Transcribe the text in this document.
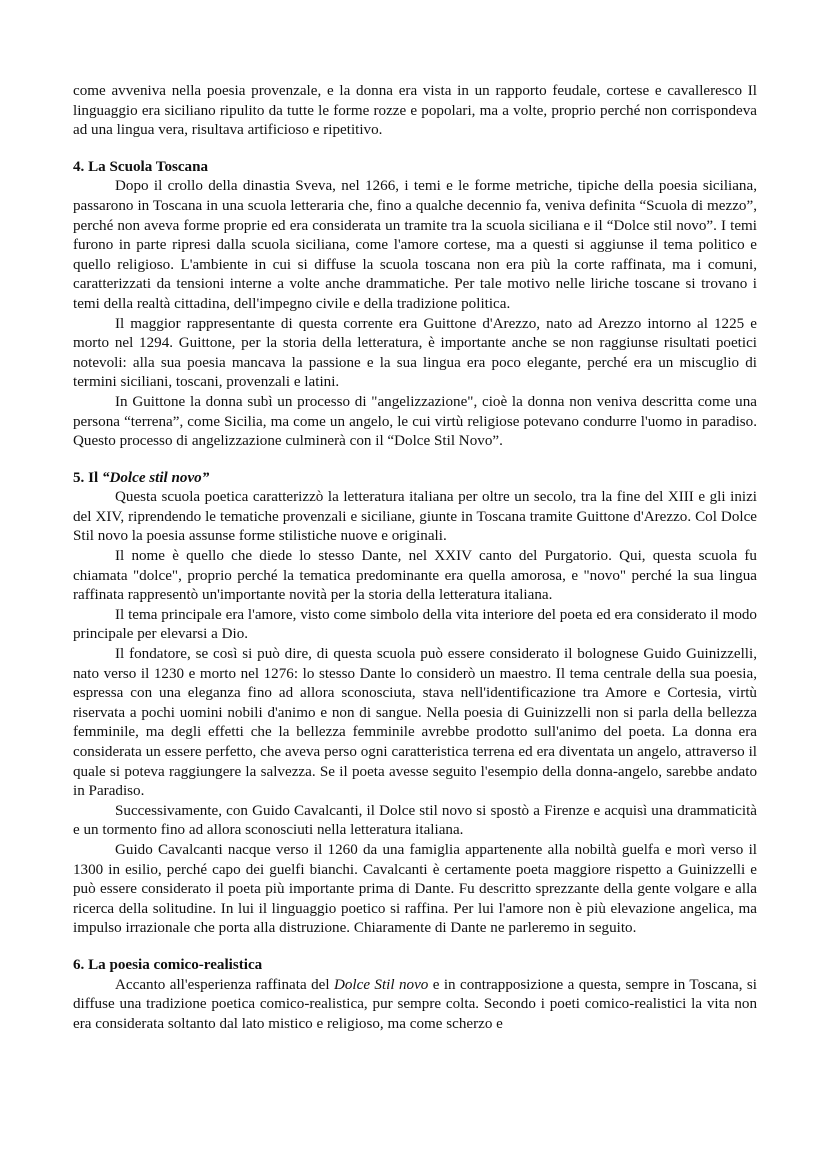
come avveniva nella poesia provenzale, e la donna era vista in un rapporto feudale, cortese e cavalleresco Il linguaggio era siciliano ripulito da tutte le forme rozze e popolari, ma a volte, proprio perché non corrispondeva ad una lingua vera, risultava artificioso e ripetitivo.

4. La Scuola Toscana

Dopo il crollo della dinastia Sveva, nel 1266, i temi e le forme metriche, tipiche della poesia siciliana, passarono in Toscana in una scuola letteraria che, fino a qualche decennio fa, veniva definita “Scuola di mezzo”, perché non aveva forme proprie ed era considerata un tramite tra la scuola siciliana e il “Dolce stil novo”. I temi furono in parte ripresi dalla scuola siciliana, come l'amore cortese, ma a questi si aggiunse il tema politico e quello religioso. L'ambiente in cui si diffuse la scuola toscana non era più la corte raffinata, ma i comuni, caratterizzati da tensioni interne a volte anche drammatiche. Per tale motivo nelle liriche toscane si trovano i temi della realtà cittadina, dell'impegno civile e della tradizione politica.

Il maggior rappresentante di questa corrente era Guittone d'Arezzo, nato ad Arezzo intorno al 1225 e morto nel 1294. Guittone, per la storia della letteratura, è importante anche se non raggiunse risultati poetici notevoli: alla sua poesia mancava la passione e la sua lingua era poco elegante, perché era un miscuglio di termini siciliani, toscani, provenzali e latini.

In Guittone la donna subì un processo di "angelizzazione", cioè la donna non veniva descritta come una persona “terrena”, come Sicilia, ma come un angelo, le cui virtù religiose potevano condurre l'uomo in paradiso. Questo processo di angelizzazione culminerà con il “Dolce Stil Novo”.

5. Il “Dolce stil novo”

Questa scuola poetica caratterizzò la letteratura italiana per oltre un secolo, tra la fine del XIII e gli inizi del XIV, riprendendo le tematiche provenzali e siciliane, giunte in Toscana tramite Guittone d'Arezzo. Col Dolce Stil novo la poesia assunse forme stilistiche nuove e originali.

Il nome è quello che diede lo stesso Dante, nel XXIV canto del Purgatorio. Qui, questa scuola fu chiamata "dolce", proprio perché la tematica predominante era quella amorosa, e "novo" perché la sua lingua raffinata rappresentò un'importante novità per la storia della letteratura italiana.

Il tema principale era l'amore, visto come simbolo della vita interiore del poeta ed era considerato il modo principale per elevarsi a Dio.

Il fondatore, se così si può dire, di questa scuola può essere considerato il bolognese Guido Guinizzelli, nato verso il 1230 e morto nel 1276: lo stesso Dante lo considerò un maestro. Il tema centrale della sua poesia, espressa con una eleganza fino ad allora sconosciuta, stava nell'identificazione tra Amore e Cortesia, virtù riservata a pochi uomini nobili d'animo e non di sangue. Nella poesia di Guinizzelli non si parla della bellezza femminile, ma degli effetti che la bellezza femminile avrebbe prodotto sull'animo del poeta. La donna era considerata un essere perfetto, che aveva perso ogni caratteristica terrena ed era diventata un angelo, attraverso il quale si poteva raggiungere la salvezza. Se il poeta avesse seguito l'esempio della donna-angelo, sarebbe andato in Paradiso.

Successivamente, con Guido Cavalcanti, il Dolce stil novo si spostò a Firenze e acquisì una drammaticità e un tormento fino ad allora sconosciuti nella letteratura italiana.

Guido Cavalcanti nacque verso il 1260 da una famiglia appartenente alla nobiltà guelfa e morì verso il 1300 in esilio, perché capo dei guelfi bianchi. Cavalcanti è certamente poeta maggiore rispetto a Guinizzelli e può essere considerato il poeta più importante prima di Dante. Fu descritto sprezzante della gente volgare e alla ricerca della solitudine. In lui il linguaggio poetico si raffina. Per lui l'amore non è più elevazione angelica, ma impulso irrazionale che porta alla distruzione. Chiaramente di Dante ne parleremo in seguito.

6. La poesia comico-realistica

Accanto all'esperienza raffinata del Dolce Stil novo e in contrapposizione a questa, sempre in Toscana, si diffuse una tradizione poetica comico-realistica, pur sempre colta. Secondo i poeti comico-realistici la vita non era considerata soltanto dal lato mistico e religioso, ma come scherzo e
